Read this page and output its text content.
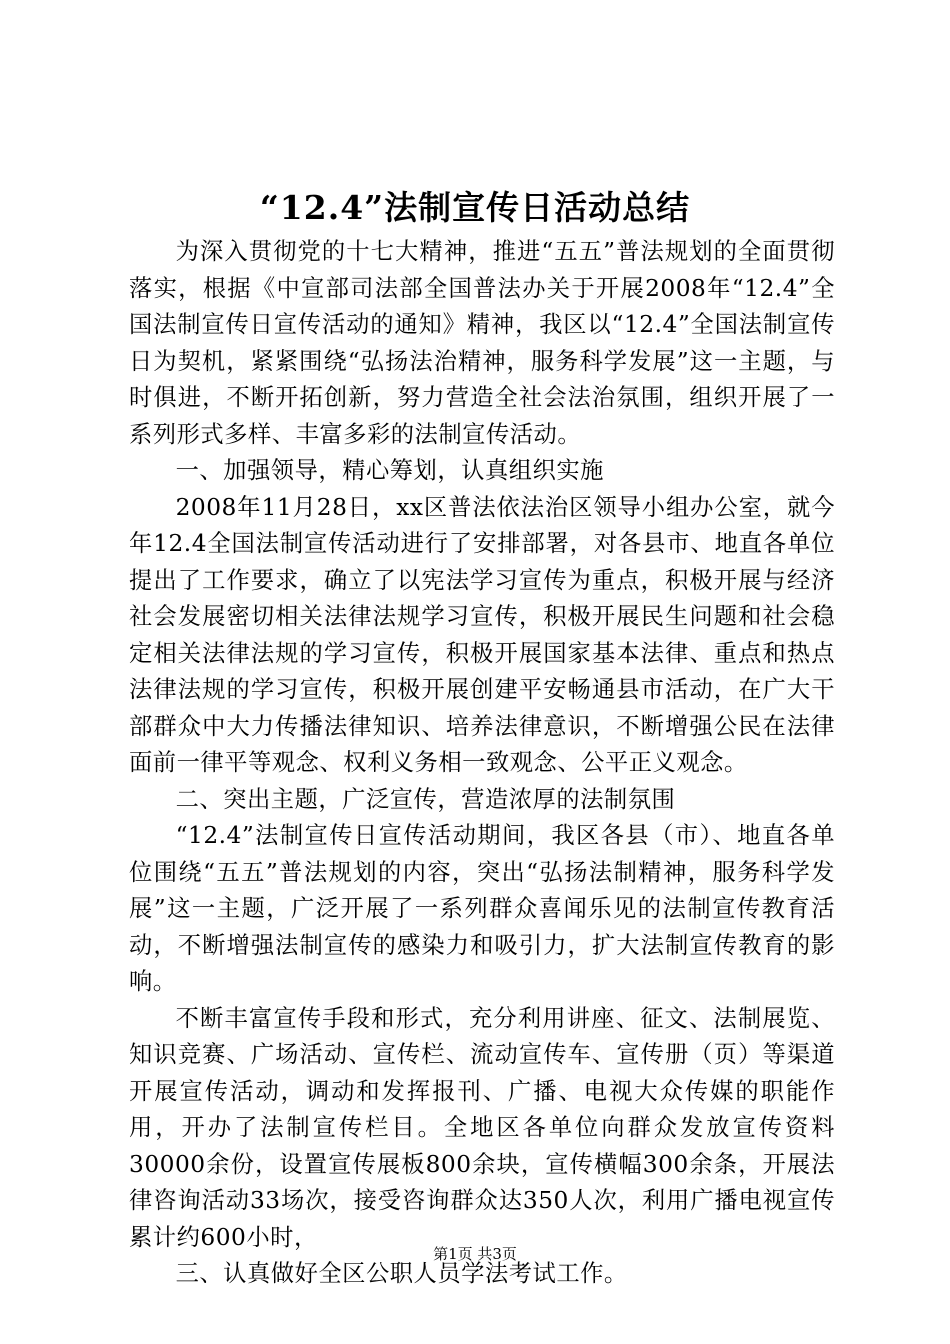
“12.4”法制宣传日活动总结

为深入贯彻党的十七大精神，推进“五五”普法规划的全面贯彻落实，根据《中宣部司法部全国普法办关于开展2008年“12.4”全国法制宣传日宣传活动的通知》精神，我区以“12.4”全国法制宣传日为契机，紧紧围绕“弘扬法治精神，服务科学发展”这一主题，与时俱进，不断开拓创新，努力营造全社会法治氛围，组织开展了一系列形式多样、丰富多彩的法制宣传活动。

一、加强领导，精心筹划，认真组织实施

2008年11月28日，xx区普法依法治区领导小组办公室，就今年12.4全国法制宣传活动进行了安排部署，对各县市、地直各单位提出了工作要求，确立了以宪法学习宣传为重点，积极开展与经济社会发展密切相关法律法规学习宣传，积极开展民生问题和社会稳定相关法律法规的学习宣传，积极开展国家基本法律、重点和热点法律法规的学习宣传，积极开展创建平安畅通县市活动，在广大干部群众中大力传播法律知识、培养法律意识，不断增强公民在法律面前一律平等观念、权利义务相一致观念、公平正义观念。

二、突出主题，广泛宣传，营造浓厚的法制氛围

“12.4”法制宣传日宣传活动期间，我区各县（市）、地直各单位围绕“五五”普法规划的内容，突出“弘扬法制精神，服务科学发展”这一主题，广泛开展了一系列群众喜闻乐见的法制宣传教育活动，不断增强法制宣传的感染力和吸引力，扩大法制宣传教育的影响。

不断丰富宣传手段和形式，充分利用讲座、征文、法制展览、知识竞赛、广场活动、宣传栏、流动宣传车、宣传册（页）等渠道开展宣传活动，调动和发挥报刊、广播、电视大众传媒的职能作用，开办了法制宣传栏目。全地区各单位向群众发放宣传资料30000余份，设置宣传展板800余块，宣传横幅300余条，开展法律咨询活动33场次，接受咨询群众达350人次，利用广播电视宣传累计约600小时，

三、认真做好全区公职人员学法考试工作。

第1页 共3页
